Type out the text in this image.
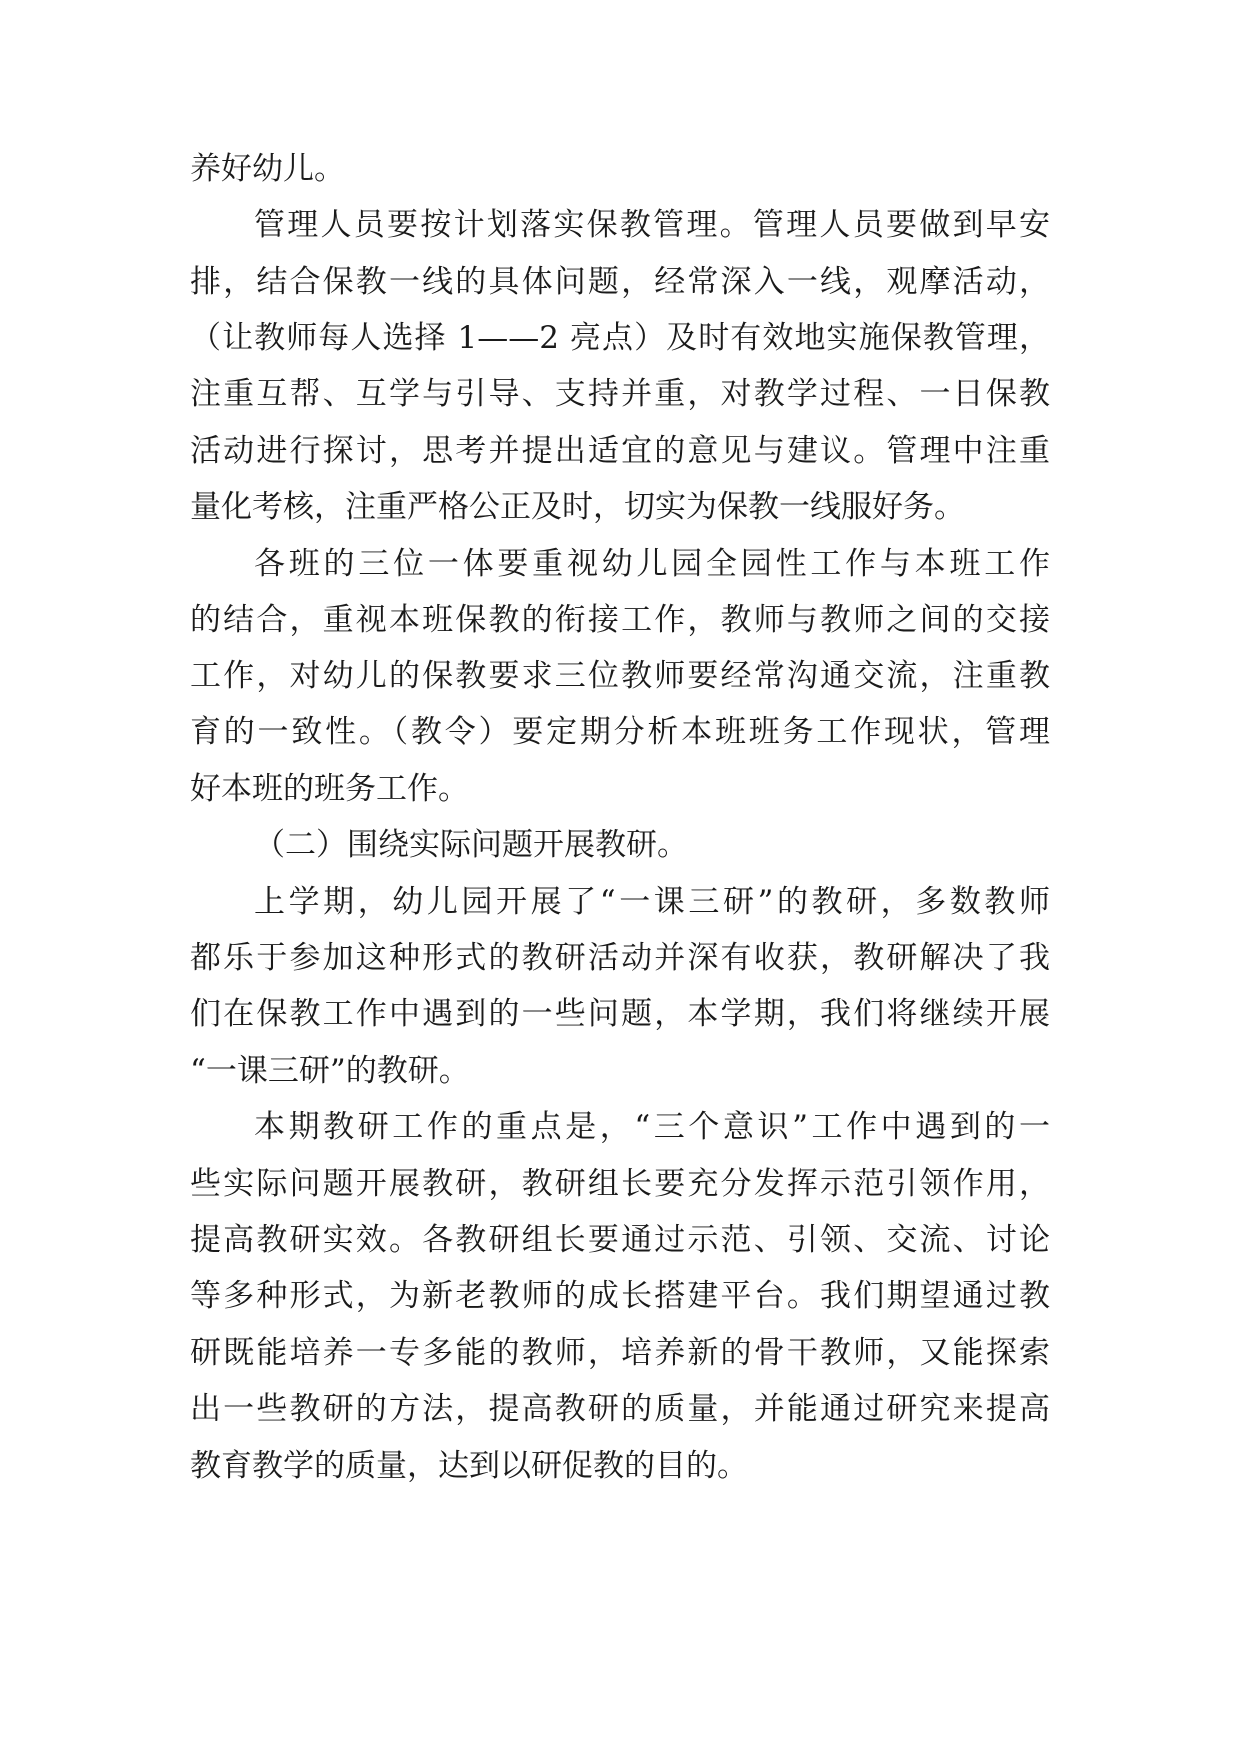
养好幼儿。
管理人员要按计划落实保教管理。管理人员要做到早安
排，结合保教一线的具体问题，经常深入一线，观摩活动，
（让教师每人选择 1——2 亮点）及时有效地实施保教管理，
注重互帮、互学与引导、支持并重，对教学过程、一日保教
活动进行探讨，思考并提出适宜的意见与建议。管理中注重
量化考核，注重严格公正及时，切实为保教一线服好务。
各班的三位一体要重视幼儿园全园性工作与本班工作
的结合，重视本班保教的衔接工作，教师与教师之间的交接
工作，对幼儿的保教要求三位教师要经常沟通交流，注重教
育的一致性。（教令）要定期分析本班班务工作现状，管理
好本班的班务工作。
（二）围绕实际问题开展教研。
上学期，幼儿园开展了“一课三研”的教研，多数教师
都乐于参加这种形式的教研活动并深有收获，教研解决了我
们在保教工作中遇到的一些问题，本学期，我们将继续开展
“一课三研”的教研。
本期教研工作的重点是，“三个意识”工作中遇到的一
些实际问题开展教研，教研组长要充分发挥示范引领作用，
提高教研实效。各教研组长要通过示范、引领、交流、讨论
等多种形式，为新老教师的成长搭建平台。我们期望通过教
研既能培养一专多能的教师，培养新的骨干教师，又能探索
出一些教研的方法，提高教研的质量，并能通过研究来提高
教育教学的质量，达到以研促教的目的。
